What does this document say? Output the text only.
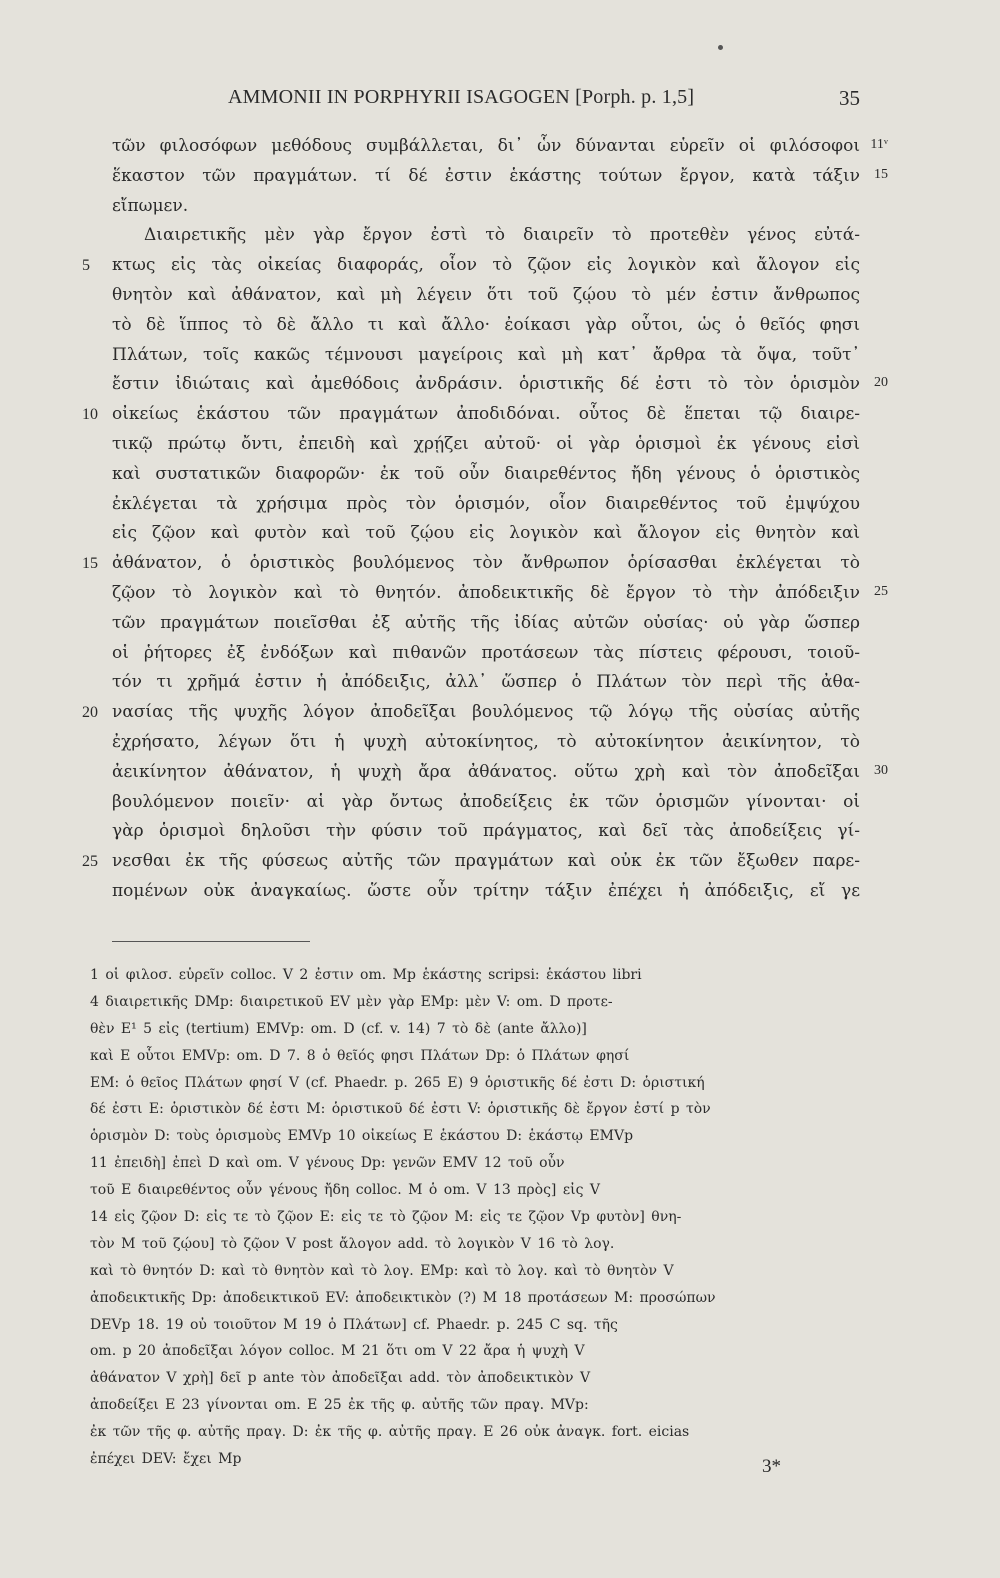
AMMONII IN PORPHYRII ISAGOGEN [Porph. p. 1,5]	35
τῶν φιλοσόφων μεθόδους συμβάλλεται, δι᾽ ὧν δύνανται εὑρεῖν οἱ φιλόσοφοι 11ᵛ
ἕκαστον τῶν πραγμάτων. τί δέ ἐστιν ἑκάστης τούτων ἔργον, κατὰ τάξιν 15
εἴπωμεν.
Διαιρετικῆς μὲν γὰρ ἔργον ἐστὶ τὸ διαιρεῖν τὸ προτεθὲν γένος εὐτά-
5 κτως εἰς τὰς οἰκείας διαφοράς, οἷον τὸ ζῷον εἰς λογικὸν καὶ ἄλογον εἰς
θνητὸν καὶ ἀθάνατον, καὶ μὴ λέγειν ὅτι τοῦ ζῴου τὸ μέν ἐστιν ἄνθρωπος
τὸ δὲ ἵππος τὸ δὲ ἄλλο τι καὶ ἄλλο· ἐοίκασι γὰρ οὗτοι, ὡς ὁ θεῖός φησι
Πλάτων, τοῖς κακῶς τέμνουσι μαγείροις καὶ μὴ κατ᾽ ἄρθρα τὰ ὄψα, τοῦτ᾽
ἔστιν ἰδιώταις καὶ ἀμεθόδοις ἀνδράσιν. ὁριστικῆς δέ ἐστι τὸ τὸν ὁρισμὸν 20
10 οἰκείως ἑκάστου τῶν πραγμάτων ἀποδιδόναι. οὗτος δὲ ἕπεται τῷ διαιρε-
τικῷ πρώτῳ ὄντι, ἐπειδὴ καὶ χρῄζει αὐτοῦ· οἱ γὰρ ὁρισμοὶ ἐκ γένους εἰσὶ
καὶ συστατικῶν διαφορῶν· ἐκ τοῦ οὖν διαιρεθέντος ἤδη γένους ὁ ὁριστικὸς
ἐκλέγεται τὰ χρήσιμα πρὸς τὸν ὁρισμόν, οἷον διαιρεθέντος τοῦ ἐμψύχου
εἰς ζῷον καὶ φυτὸν καὶ τοῦ ζῴου εἰς λογικὸν καὶ ἄλογον εἰς θνητὸν καὶ
15 ἀθάνατον, ὁ ὁριστικὸς βουλόμενος τὸν ἄνθρωπον ὁρίσασθαι ἐκλέγεται τὸ
ζῷον τὸ λογικὸν καὶ τὸ θνητόν. ἀποδεικτικῆς δὲ ἔργον τὸ τὴν ἀπόδειξιν 25
τῶν πραγμάτων ποιεῖσθαι ἐξ αὐτῆς τῆς ἰδίας αὐτῶν οὐσίας· οὐ γὰρ ὥσπερ
οἱ ῥήτορες ἐξ ἐνδόξων καὶ πιθανῶν προτάσεων τὰς πίστεις φέρουσι, τοιοῦ-
τόν τι χρῆμά ἐστιν ἡ ἀπόδειξις, ἀλλ᾽ ὥσπερ ὁ Πλάτων τὸν περὶ τῆς ἀθα-
20 νασίας τῆς ψυχῆς λόγον ἀποδεῖξαι βουλόμενος τῷ λόγῳ τῆς οὐσίας αὐτῆς
ἐχρήσατο, λέγων ὅτι ἡ ψυχὴ αὐτοκίνητος, τὸ αὐτοκίνητον ἀεικίνητον, τὸ
ἀεικίνητον ἀθάνατον, ἡ ψυχὴ ἄρα ἀθάνατος. οὕτω χρὴ καὶ τὸν ἀποδεῖξαι 30
βουλόμενον ποιεῖν· αἱ γὰρ ὄντως ἀποδείξεις ἐκ τῶν ὁρισμῶν γίνονται· οἱ
γὰρ ὁρισμοὶ δηλοῦσι τὴν φύσιν τοῦ πράγματος, καὶ δεῖ τὰς ἀποδείξεις γί-
25 νεσθαι ἐκ τῆς φύσεως αὐτῆς τῶν πραγμάτων καὶ οὐκ ἐκ τῶν ἔξωθεν παρε-
πομένων οὐκ ἀναγκαίως. ὥστε οὖν τρίτην τάξιν ἐπέχει ἡ ἀπόδειξις, εἴ γε
1 οἱ φιλοσ. εὑρεῖν colloc. V 2 ἐστιν om. Mp ἑκάστης scripsi: ἑκάστου libri
4 διαιρετικῆς DMp: διαιρετικοῦ EV μὲν γὰρ EMp: μὲν V: om. D προτε-
θὲν E¹ 5 εἰς (tertium) EMVp: om. D (cf. v. 14) 7 τὸ δὲ (ante ἄλλο)]
καὶ E οὗτοι EMVp: om. D 7. 8 ὁ θεῖός φησι Πλάτων Dp: ὁ Πλάτων φησί
EM: ὁ θεῖος Πλάτων φησί V (cf. Phaedr. p. 265 E) 9 ὁριστικῆς δέ ἐστι D: ὁριστική
δέ ἐστι E: ὁριστικὸν δέ ἐστι M: ὁριστικοῦ δέ ἐστι V: ὁριστικῆς δὲ ἔργον ἐστί p τὸν
ὁρισμὸν D: τοὺς ὁρισμοὺς EMVp 10 οἰκείως E ἑκάστου D: ἑκάστῳ EMVp
11 ἐπειδὴ] ἐπεὶ D καὶ om. V γένους Dp: γενῶν EMV 12 τοῦ οὖν
τοῦ E διαιρεθέντος οὖν γένους ἤδη colloc. M ὁ om. V 13 πρὸς] εἰς V
14 εἰς ζῷον D: εἰς τε τὸ ζῷον E: εἰς τε τὸ ζῷον M: εἰς τε ζῷον Vp φυτὸν] θνη-
τὸν M τοῦ ζῴου] τὸ ζῷον V post ἄλογον add. τὸ λογικὸν V 16 τὸ λογ.
καὶ τὸ θνητόν D: καὶ τὸ θνητὸν καὶ τὸ λογ. EMp: καὶ τὸ λογ. καὶ τὸ θνητὸν V
ἀποδεικτικῆς Dp: ἀποδεικτικοῦ EV: ἀποδεικτικὸν (?) M 18 προτάσεων M: προσώπων
DEVp 18. 19 οὐ τοιοῦτον M 19 ὁ Πλάτων] cf. Phaedr. p. 245 C sq. τῆς
om. p 20 ἀποδεῖξαι λόγον colloc. M 21 ὅτι om V 22 ἄρα ἡ ψυχὴ V
ἀθάνατον V χρὴ] δεῖ p ante τὸν ἀποδεῖξαι add. τὸν ἀποδεικτικὸν V
ἀποδείξει E 23 γίνονται om. E 25 ἐκ τῆς φ. αὐτῆς τῶν πραγ. MVp:
ἐκ τῶν τῆς φ. αὐτῆς πραγ. D: ἐκ τῆς φ. αὐτῆς πραγ. E 26 οὐκ ἀναγκ. fort. eicias
ἐπέχει DEV: ἔχει Mp	3*
